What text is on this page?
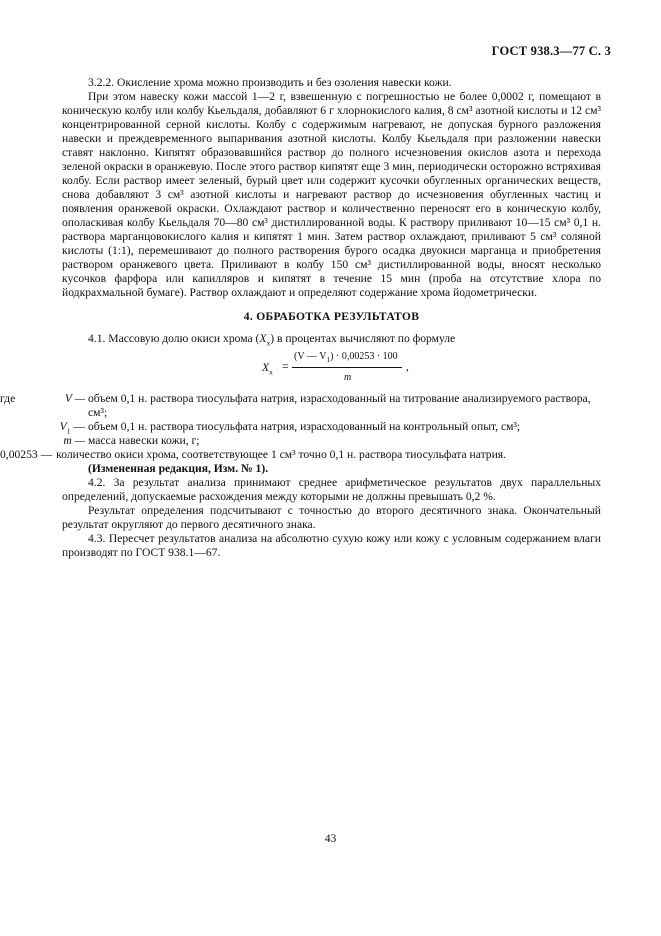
ГОСТ 938.3—77 С. 3

3.2.2. Окисление хрома можно производить и без озоления навески кожи.

При этом навеску кожи массой 1—2 г, взвешенную с погрешностью не более 0,0002 г, помещают в коническую колбу или колбу Кьельдаля, добавляют 6 г хлорнокислого калия, 8 см³ азотной кислоты и 12 см³ концентрированной серной кислоты. Колбу с содержимым нагревают, не допуская бурного разложения навески и преждевременного выпаривания азотной кислоты. Колбу Кьельдаля при разложении навески ставят наклонно. Кипятят образовавшийся раствор до полного исчезновения окислов азота и перехода зеленой окраски в оранжевую. После этого раствор кипятят еще 3 мин, периодически осторожно встряхивая колбу. Если раствор имеет зеленый, бурый цвет или содержит кусочки обугленных органических веществ, снова добавляют 3 см³ азотной кислоты и нагревают раствор до исчезновения обугленных частиц и появления оранжевой окраски. Охлаждают раствор и количественно переносят его в коническую колбу, ополаскивая колбу Кьельдаля 70—80 см³ дистиллированной воды. К раствору приливают 10—15 см³ 0,1 н. раствора марганцовокислого калия и кипятят 1 мин. Затем раствор охлаждают, приливают 5 см³ соляной кислоты (1:1), перемешивают до полного растворения бурого осадка двуокиси марганца и приобретения раствором оранжевого цвета. Приливают в колбу 150 см³ дистиллированной воды, вносят несколько кусочков фарфора или капилляров и кипятят в течение 15 мин (проба на отсутствие хлора по йодкрахмальной бумаге). Раствор охлаждают и определяют содержание хрома йодометрически.

4. ОБРАБОТКА РЕЗУЛЬТАТОВ

4.1. Массовую долю окиси хрома $(X_x)$ в процентах вычисляют по формуле

$X_x$ =
(V — $V_1) \cdot 0,00253 \cdot 100$
m
,
где	V — объем 0,1 н. раствора тиосульфата натрия, израсходованный на титрование анализируемого раствора, см³;
$V_1$ — объем 0,1 н. раствора тиосульфата натрия, израсходованный на контрольный опыт, см³;
m — масса навески кожи, г;
0,00253 — количество окиси хрома, соответствующее 1 см³ точно 0,1 н. раствора тиосульфата натрия.

(Измененная редакция, Изм. № 1).

4.2. За результат анализа принимают среднее арифметическое результатов двух параллельных определений, допускаемые расхождения между которыми не должны превышать 0,2 %.

Результат определения подсчитывают с точностью до второго десятичного знака. Окончательный результат округляют до первого десятичного знака.

4.3. Пересчет результатов анализа на абсолютно сухую кожу или кожу с условным содержанием влаги производят по ГОСТ 938.1—67.

43
